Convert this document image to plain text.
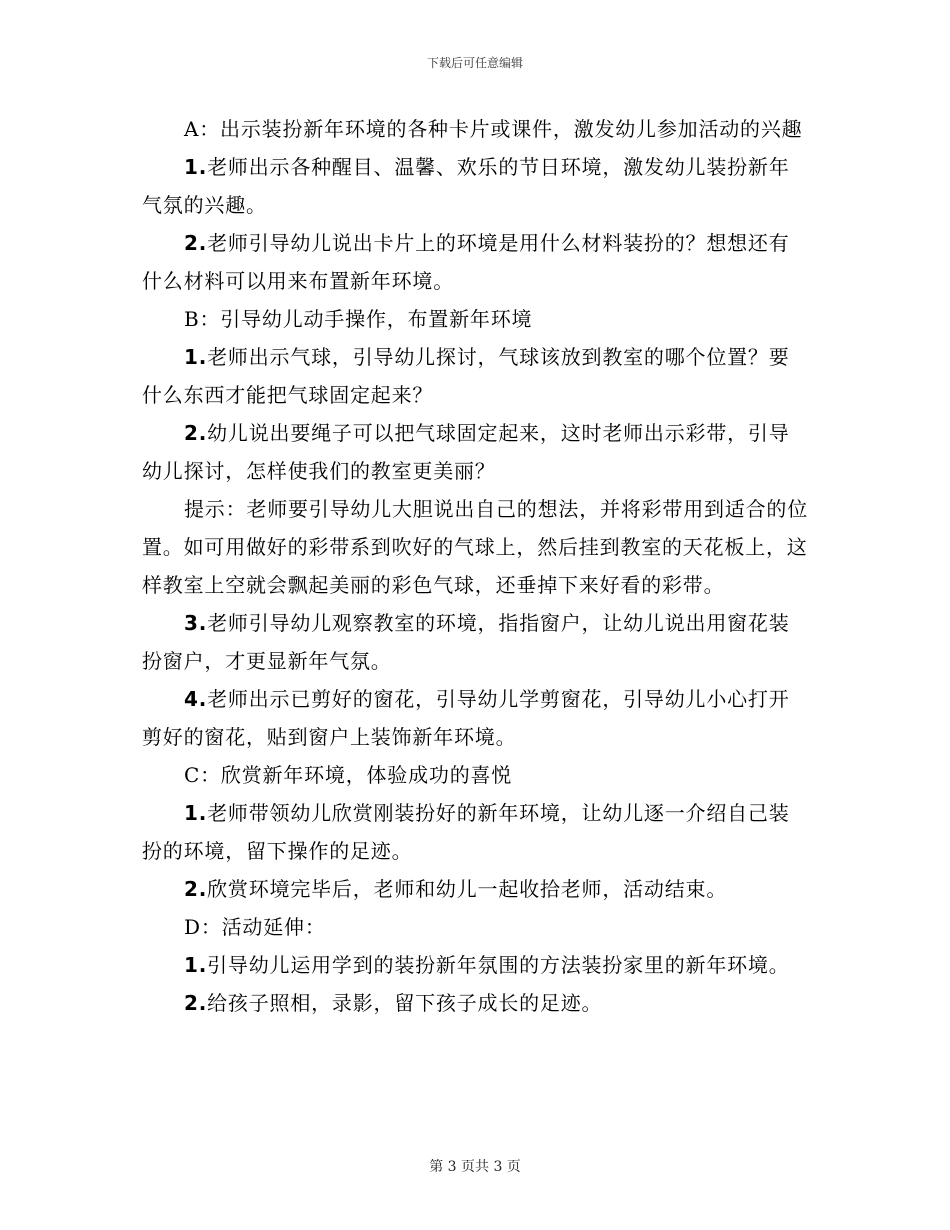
下载后可任意编辑

A：出示装扮新年环境的各种卡片或课件，激发幼儿参加活动的兴趣

1.老师出示各种醒目、温馨、欢乐的节日环境，激发幼儿装扮新年气氛的兴趣。

2.老师引导幼儿说出卡片上的环境是用什么材料装扮的？想想还有什么材料可以用来布置新年环境。

B：引导幼儿动手操作，布置新年环境

1.老师出示气球，引导幼儿探讨，气球该放到教室的哪个位置？要什么东西才能把气球固定起来？

2.幼儿说出要绳子可以把气球固定起来，这时老师出示彩带，引导幼儿探讨，怎样使我们的教室更美丽？

提示：老师要引导幼儿大胆说出自己的想法，并将彩带用到适合的位置。如可用做好的彩带系到吹好的气球上，然后挂到教室的天花板上，这样教室上空就会飘起美丽的彩色气球，还垂掉下来好看的彩带。

3.老师引导幼儿观察教室的环境，指指窗户，让幼儿说出用窗花装扮窗户，才更显新年气氛。

4.老师出示已剪好的窗花，引导幼儿学剪窗花，引导幼儿小心打开剪好的窗花，贴到窗户上装饰新年环境。

C：欣赏新年环境，体验成功的喜悦

1.老师带领幼儿欣赏刚装扮好的新年环境，让幼儿逐一介绍自己装扮的环境，留下操作的足迹。

2.欣赏环境完毕后，老师和幼儿一起收拾老师，活动结束。

D：活动延伸：

1.引导幼儿运用学到的装扮新年氛围的方法装扮家里的新年环境。

2.给孩子照相，录影，留下孩子成长的足迹。

第 3 页共 3 页
